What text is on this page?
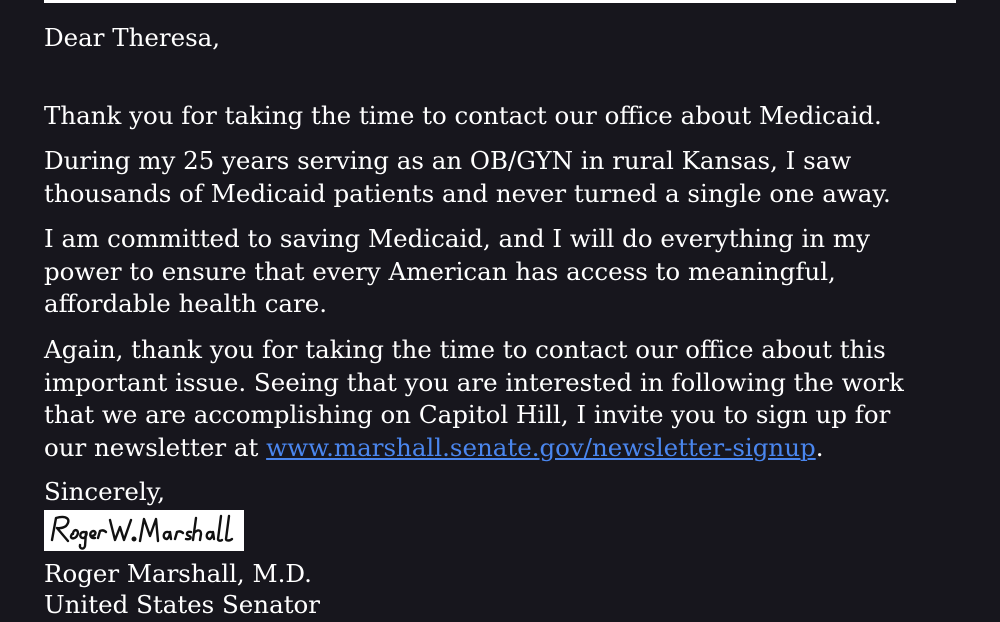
Dear Theresa,

Thank you for taking the time to contact our office about Medicaid.

During my 25 years serving as an OB/GYN in rural Kansas, I saw
thousands of Medicaid patients and never turned a single one away.

I am committed to saving Medicaid, and I will do everything in my
power to ensure that every American has access to meaningful,
affordable health care.

Again, thank you for taking the time to contact our office about this
important issue. Seeing that you are interested in following the work
that we are accomplishing on Capitol Hill, I invite you to sign up for
our newsletter at www.marshall.senate.gov/newsletter-signup.

Sincerely,
Roger Marshall, M.D.
United States Senator
